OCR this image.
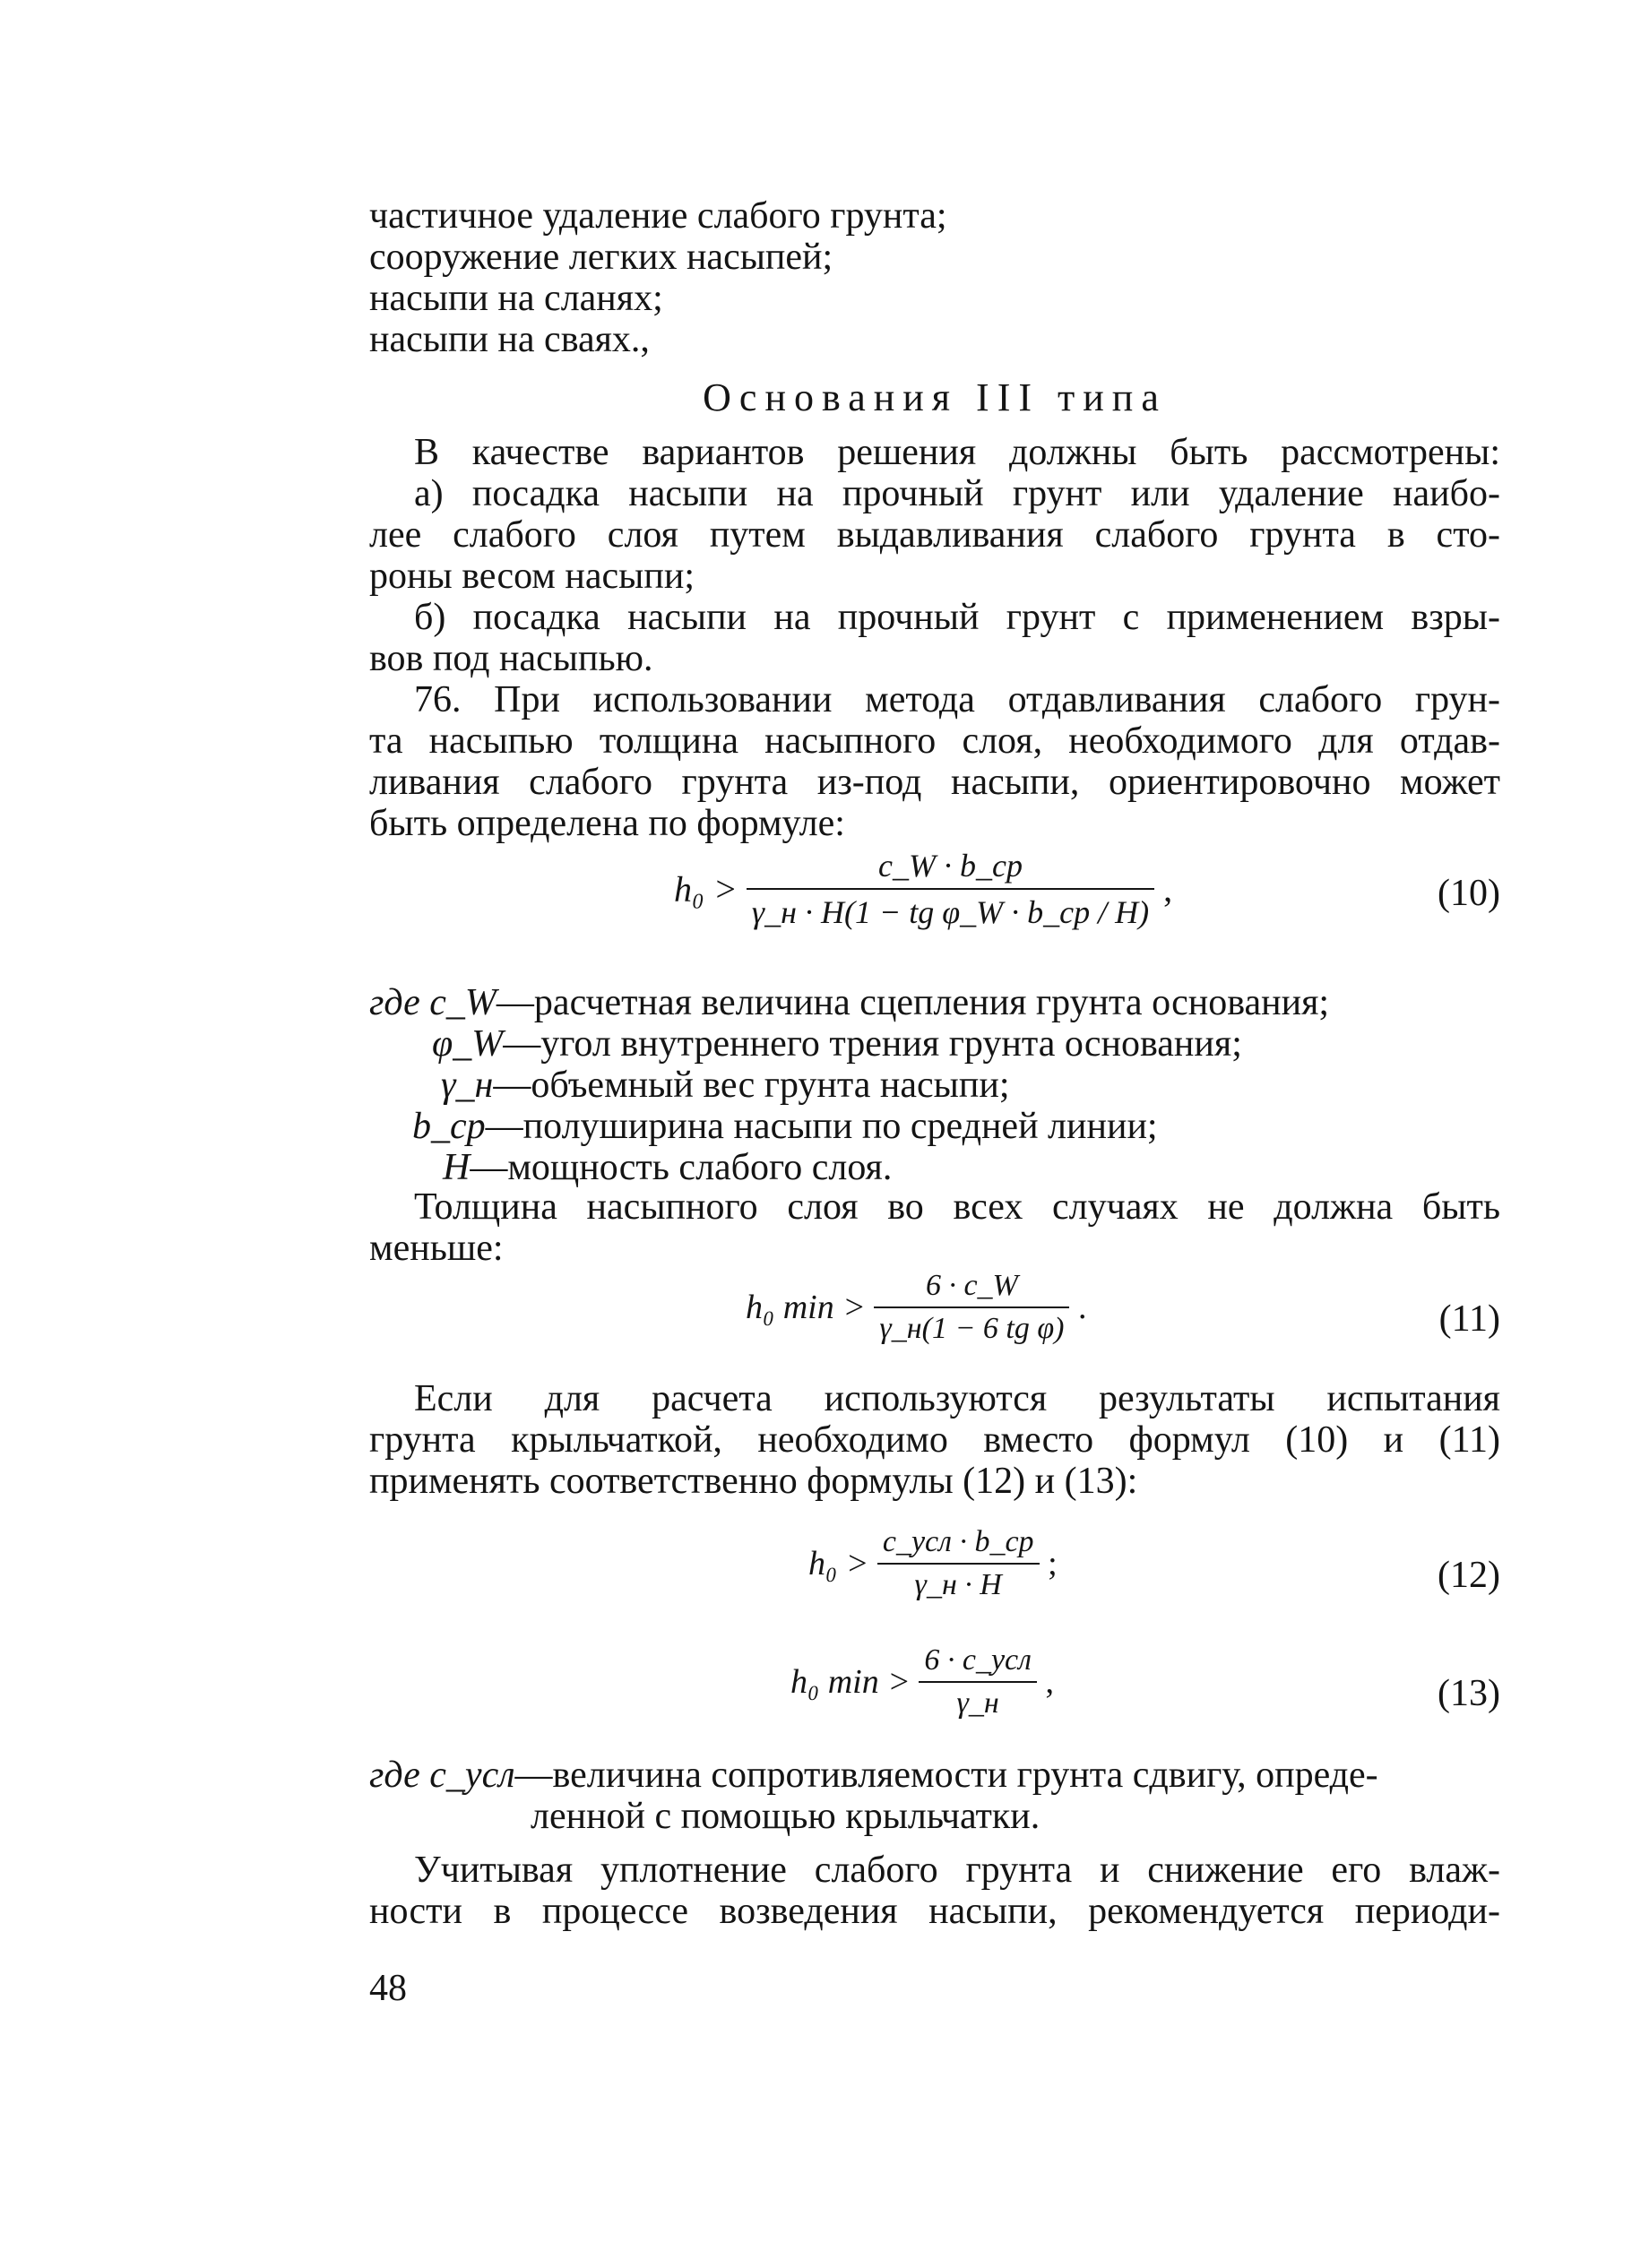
частичное удаление слабого грунта;
сооружение легких насыпей;
насыпи на сланях;
насыпи на сваях.,
Основания III типа
В качестве вариантов решения должны быть рассмотрены:
а) посадка насыпи на прочный грунт или удаление наибо-
лее слабого слоя путем выдавливания слабого грунта в сто-
роны весом насыпи;
б) посадка насыпи на прочный грунт с применением взры-
вов под насыпью.
76. При использовании метода отдавливания слабого грун-
та насыпью толщина насыпного слоя, необходимого для отдав-
ливания слабого грунта из-под насыпи, ориентировочно может
быть определена по формуле:
$h_0 > \frac{c\_W \cdot b\_ср}{\text{γ\_н · H(1 − tg φ\_W · b\_ср / H)}}$ ,	(10)
где c_W—расчетная величина сцепления грунта основания;
φ_W—угол внутреннего трения грунта основания;
γ_н—объемный вес грунта насыпи;
b_ср—полуширина насыпи по средней линии;
H—мощность слабого слоя.
Толщина насыпного слоя во всех случаях не должна быть
меньше:
h₀ $\min > \frac{6 \cdot c\_W}{\text{γ\_н(1 − 6 tg φ)}}$ .	(11)
Если для расчета используются результаты испытания
грунта крыльчаткой, необходимо вместо формул (10) и (11)
применять соответственно формулы (12) и (13):
$h_0 > \frac{\text{c\_усл · b\_ср}}{\gamma\_н \cdot H}$ ;	(12)
h₀ $\min > \frac{\text{6 · c\_усл}}{\gamma\_н}$ ,	(13)
где c_усл—величина сопротивляемости грунта сдвигу, опреде-
ленной с помощью крыльчатки.
Учитывая уплотнение слабого грунта и снижение его влаж-
ности в процессе возведения насыпи, рекомендуется периоди-
48
